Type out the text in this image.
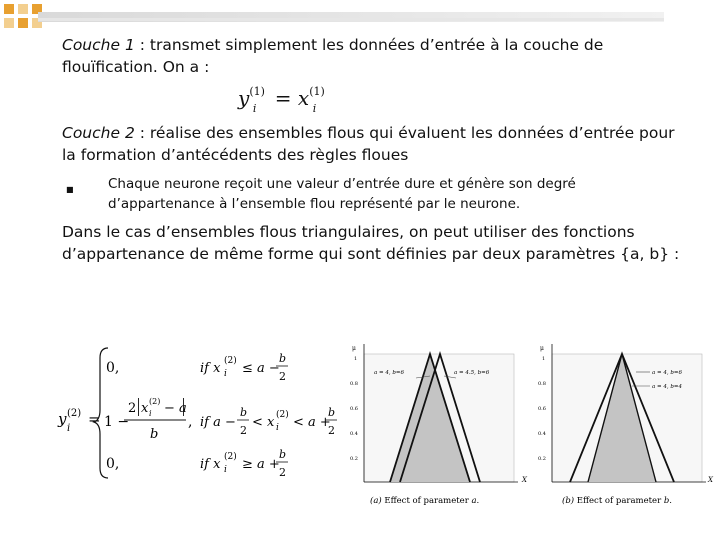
Couche 1 : transmet simplement les données d’entrée à la couche de flouïfication. On a :
$y^{(1)}_i = x^{(1)}_i$
Couche 2 : réalise des ensembles flous qui évaluent les données d’entrée pour la formation d’antécédents des règles floues
■	Chaque neurone reçoit une valeur d’entrée dure et génère son degré d’appartenance à l’ensemble flou représenté par le neurone.
Dans le cas d’ensembles flous triangulaires, on peut utiliser des fonctions d’appartenance de même forme qui sont définies par deux paramètres {a, b} :
y (2)
i
=
0,	if x (2)
i ≤ a −
b
2
1 −
2 x (2)
i − a
b
, if a −
b
2
< x (2)
i < a +
b
2
0,	if x (2)
i ≥ a +
b
2
μ
1
0.8
0.6
0.4
0.2
a = 4, b=6	a = 4.5, b=6
X
(a) Effect of parameter a.
μ
1
0.8
0.6
0.4
0.2
a = 4, b=6
a = 4, b=4
X
(b) Effect of parameter b.
